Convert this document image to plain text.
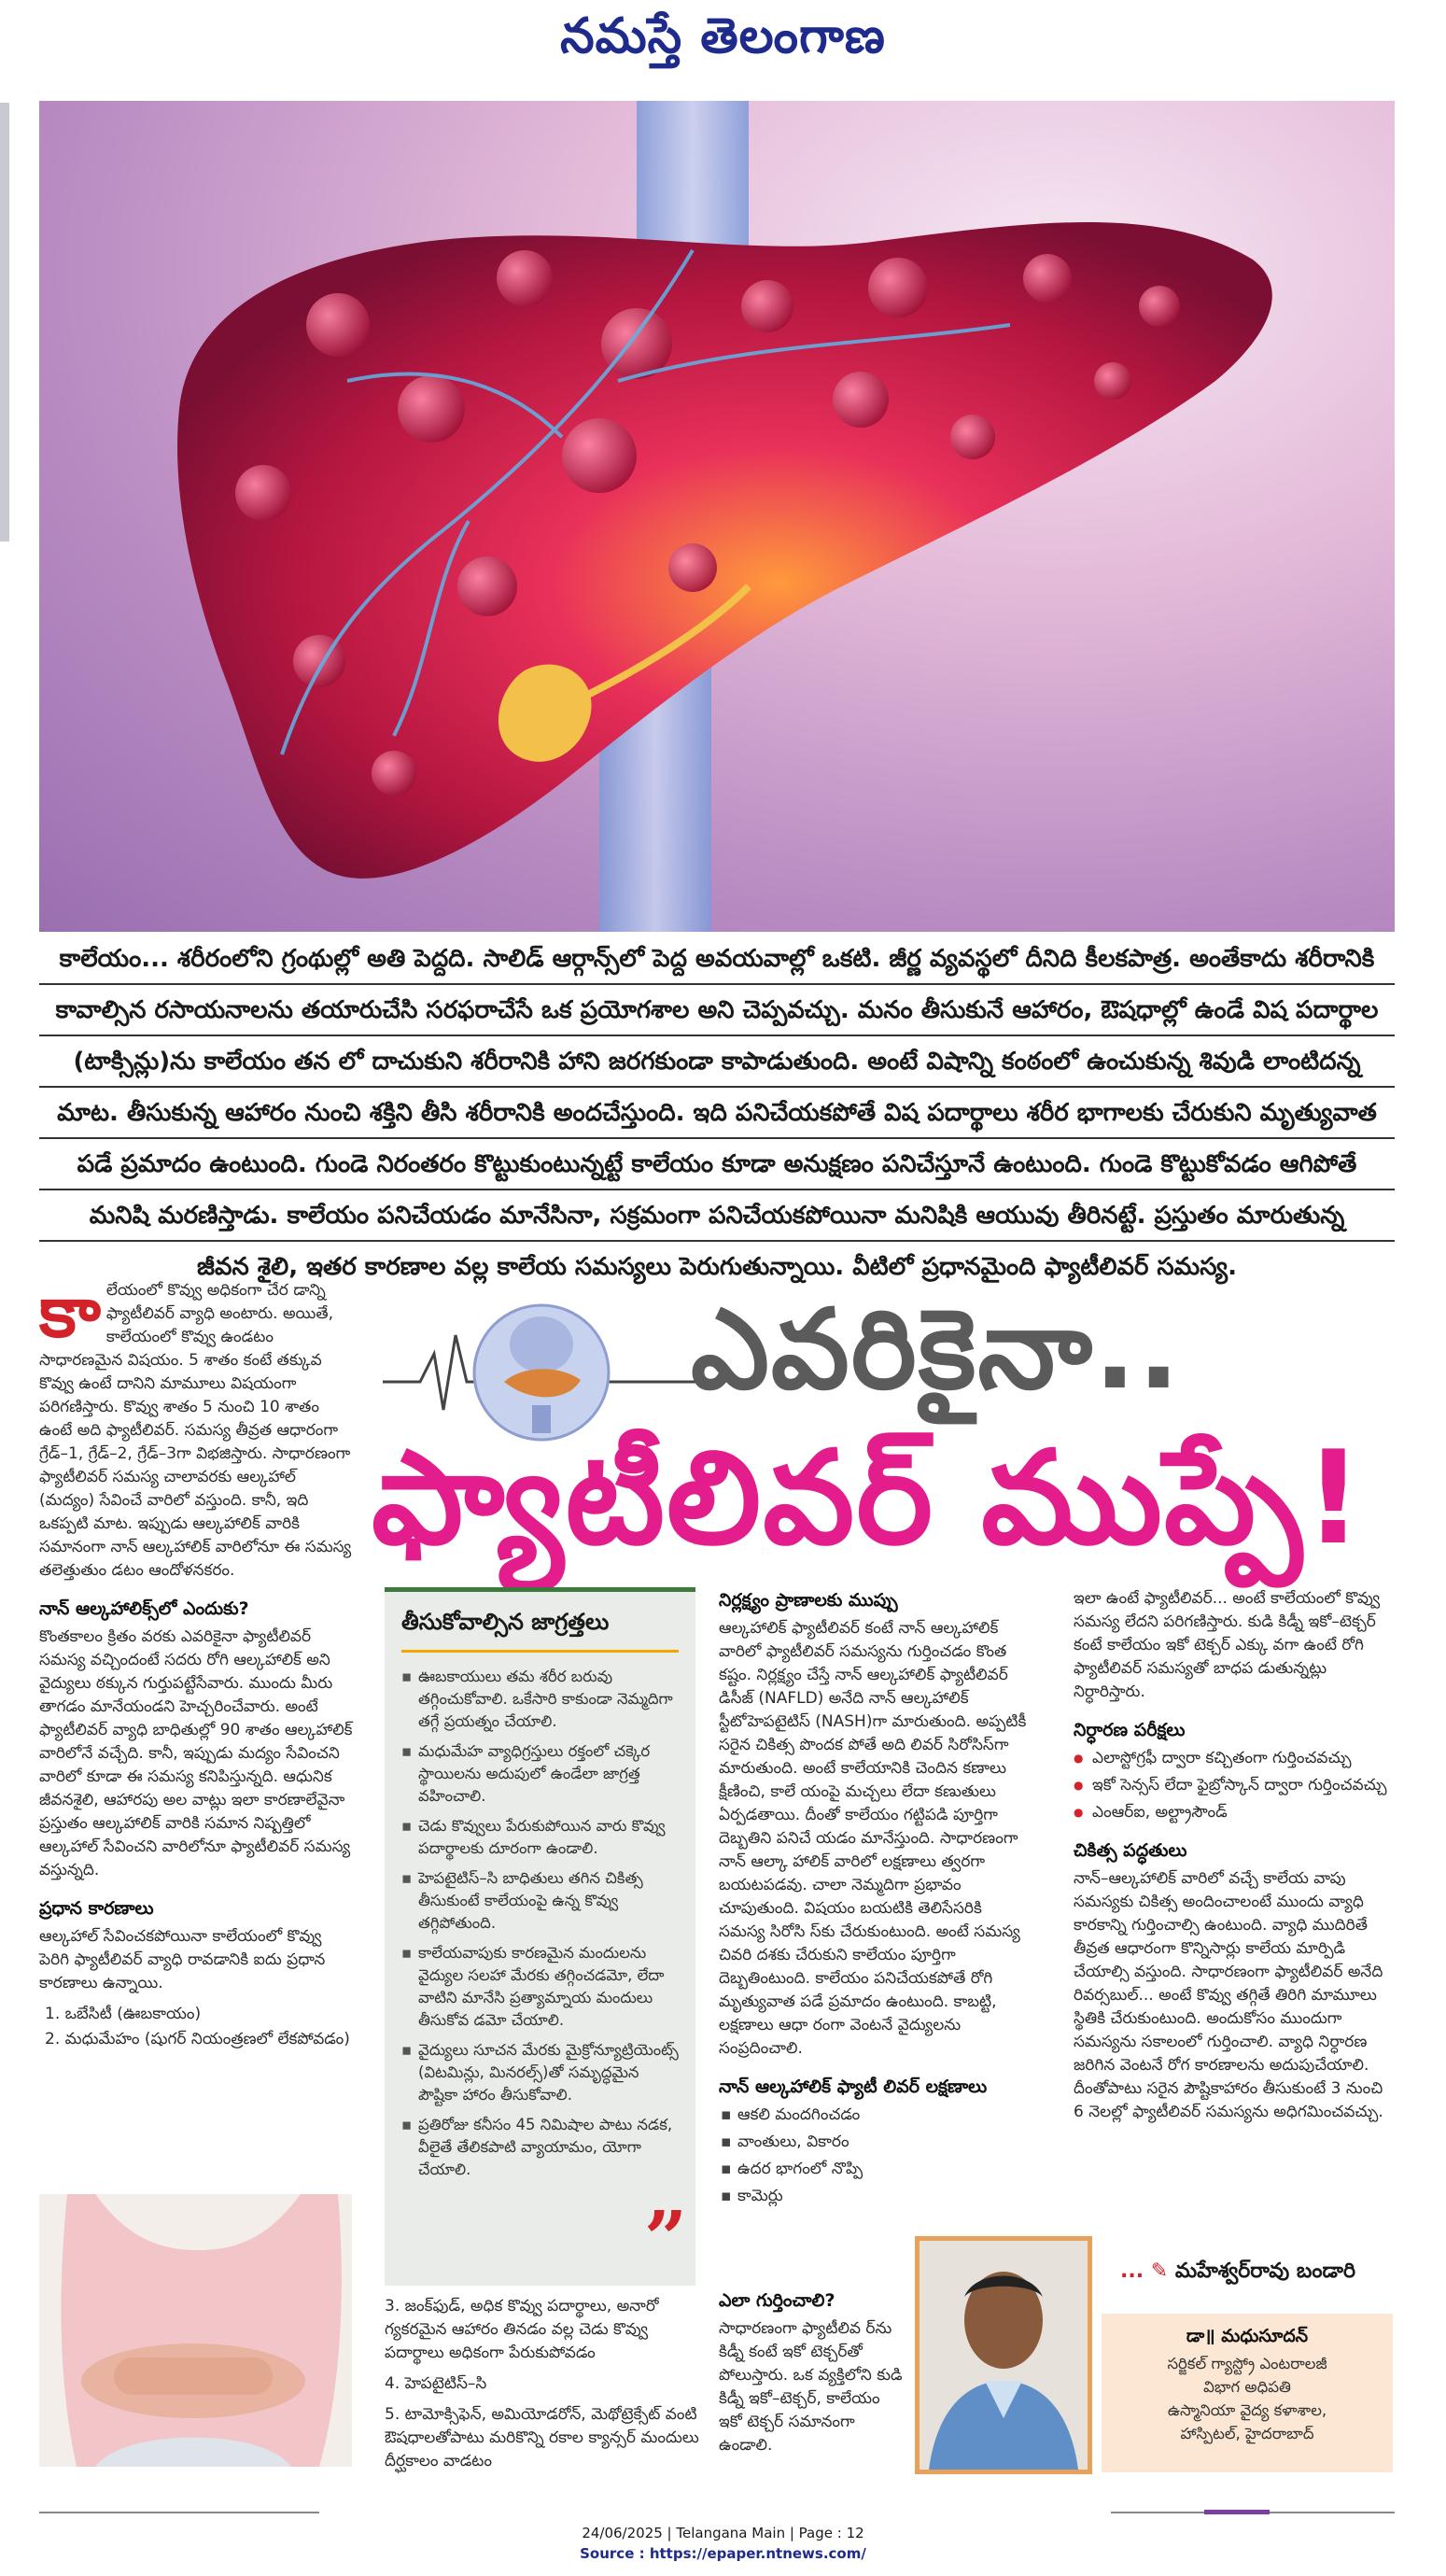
నమస్తే తెలంగాణ

కాలేయం... శరీరంలోని గ్రంథుల్లో అతి పెద్దది. సాలిడ్ ఆర్గాన్స్‌లో పెద్ద అవయవాల్లో ఒకటి. జీర్ణ వ్యవస్థలో దీనిది కీలకపాత్ర. అంతేకాదు శరీరానికి

కావాల్సిన రసాయనాలను తయారుచేసి సరఫరాచేసే ఒక ప్రయోగశాల అని చెప్పవచ్చు. మనం తీసుకునే ఆహారం, ఔషధాల్లో ఉండే విష పదార్థాల

(టాక్సిన్లు)ను కాలేయం తన లో దాచుకుని శరీరానికి హాని జరగకుండా కాపాడుతుంది. అంటే విషాన్ని కంఠంలో ఉంచుకున్న శివుడి లాంటిదన్న

మాట. తీసుకున్న ఆహారం నుంచి శక్తిని తీసి శరీరానికి అందచేస్తుంది. ఇది పనిచేయకపోతే విష పదార్థాలు శరీర భాగాలకు చేరుకుని మృత్యువాత

పడే ప్రమాదం ఉంటుంది. గుండె నిరంతరం కొట్టుకుంటున్నట్టే కాలేయం కూడా అనుక్షణం పనిచేస్తూనే ఉంటుంది. గుండె కొట్టుకోవడం ఆగిపోతే

మనిషి మరణిస్తాడు. కాలేయం పనిచేయడం మానేసినా, సక్రమంగా పనిచేయకపోయినా మనిషికి ఆయువు తీరినట్టే. ప్రస్తుతం మారుతున్న

జీవన శైలి, ఇతర కారణాల వల్ల కాలేయ సమస్యలు పెరుగుతున్నాయి. వీటిలో ప్రధానమైంది ఫ్యాటీలివర్ సమస్య.

ఎవరికైనా..
ఫ్యాటీలివర్ ముప్పే!

కా లేయంలో కొవ్వు అధికంగా చేర డాన్ని ఫ్యాటీలివర్ వ్యాధి అంటారు. అయితే, కాలేయంలో కొవ్వు ఉండటం సాధారణమైన విషయం. 5 శాతం కంటే తక్కువ కొవ్వు ఉంటే దానిని మామూలు విషయంగా పరిగణిస్తారు. కొవ్వు శాతం 5 నుంచి 10 శాతం ఉంటే అది ఫ్యాటీలివర్. సమస్య తీవ్రత ఆధారంగా గ్రేడ్–1, గ్రేడ్–2, గ్రేడ్–3గా విభజిస్తారు. సాధారణంగా ఫ్యాటీలివర్ సమస్య చాలావరకు ఆల్కహాల్ (మద్యం) సేవించే వారిలో వస్తుంది. కానీ, ఇది ఒకప్పటి మాట. ఇప్పుడు ఆల్కహాలిక్ వారికి సమానంగా నాన్ ఆల్కహాలిక్ వారిలోనూ ఈ సమస్య తలెత్తుతుం డటం ఆందోళనకరం.

నాన్ ఆల్కహాలిక్స్‌లో ఎందుకు?

కొంతకాలం క్రితం వరకు ఎవరికైనా ఫ్యాటీలివర్ సమస్య వచ్చిందంటే సదరు రోగి ఆల్కహాలిక్ అని వైద్యులు ఠక్కున గుర్తుపట్టేసేవారు. ముందు మీరు తాగడం మానేయండని హెచ్చరించేవారు. అంటే ఫ్యాటీలివర్ వ్యాధి బాధితుల్లో 90 శాతం ఆల్కహాలిక్ వారిలోనే వచ్చేది. కానీ, ఇప్పుడు మద్యం సేవించని వారిలో కూడా ఈ సమస్య కనిపిస్తున్నది. ఆధునిక జీవనశైలి, ఆహారపు అల వాట్లు ఇలా కారణాలేవైనా ప్రస్తుతం ఆల్కహాలిక్ వారికి సమాన నిష్పత్తిలో ఆల్కహాల్ సేవించని వారిలోనూ ఫ్యాటీలివర్ సమస్య వస్తున్నది.

ప్రధాన కారణాలు

ఆల్కహాల్ సేవించకపోయినా కాలేయంలో కొవ్వు పెరిగి ఫ్యాటీలివర్ వ్యాధి రావడానికి ఐదు ప్రధాన కారణాలు ఉన్నాయి.

1. ఒబేసిటీ (ఊబకాయం)
2. మధుమేహం (షుగర్ నియంత్రణలో లేకపోవడం)
తీసుకోవాల్సిన జాగ్రత్తలు
▪ ఊబకాయులు తమ శరీర బరువు తగ్గించుకోవాలి. ఒకేసారి కాకుండా నెమ్మదిగా తగ్గే ప్రయత్నం చేయాలి.
▪ మధుమేహ వ్యాధిగ్రస్తులు రక్తంలో చక్కెర స్థాయిలను అదుపులో ఉండేలా జాగ్రత్త వహించాలి.
▪ చెడు కొవ్వులు పేరుకుపోయిన వారు కొవ్వు పదార్థాలకు దూరంగా ఉండాలి.
▪ హెపటైటిస్–సి బాధితులు తగిన చికిత్స తీసుకుంటే కాలేయంపై ఉన్న కొవ్వు తగ్గిపోతుంది.
▪ కాలేయవాపుకు కారణమైన మందులను వైద్యుల సలహా మేరకు తగ్గించడమో, లేదా వాటిని మానేసి ప్రత్యామ్నాయ మందులు తీసుకోవ డమో చేయాలి.
▪ వైద్యులు సూచన మేరకు మైక్రోన్యూట్రియెంట్స్ (విటమిన్లు, మినరల్స్)తో సమృద్ధమైన పౌష్టికా హారం తీసుకోవాలి.
▪ ప్రతిరోజు కనీసం 45 నిమిషాల పాటు నడక, వీలైతే తేలికపాటి వ్యాయామం, యోగా చేయాలి.
”

3. జంక్‌ఫుడ్, అధిక కొవ్వు పదార్థాలు, అనారో గ్యకరమైన ఆహారం తినడం వల్ల చెడు కొవ్వు పదార్థాలు అధికంగా పేరుకుపోవడం

4. హెపటైటిస్–సి

5. టామోక్సిఫెన్, అమియోడరోన్, మెథోట్రెక్సేట్ వంటి ఔషధాలతోపాటు మరికొన్ని రకాల క్యాన్సర్ మందులు దీర్ఘకాలం వాడటం

నిర్లక్ష్యం ప్రాణాలకు ముప్పు

ఆల్కహాలిక్ ఫ్యాటీలివర్ కంటే నాన్ ఆల్కహాలిక్ వారిలో ఫ్యాటీలివర్ సమస్యను గుర్తించడం కొంత కష్టం. నిర్లక్ష్యం చేస్తే నాన్ ఆల్కహాలిక్ ఫ్యాటీలివర్ డిసీజ్ (NAFLD) అనేది నాన్ ఆల్కహాలిక్ స్టీటోహెపటైటిస్ (NASH)గా మారుతుంది. అప్పటికీ సరైన చికిత్స పొందక పోతే అది లివర్ సిరోసిస్‌గా మారుతుంది. అంటే కాలేయానికి చెందిన కణాలు క్షీణించి, కాలే యంపై మచ్చలు లేదా కణుతులు ఏర్పడతాయి. దీంతో కాలేయం గట్టిపడి పూర్తిగా దెబ్బతిని పనిచే యడం మానేస్తుంది. సాధారణంగా నాన్ ఆల్కా హాలిక్ వారిలో లక్షణాలు త్వరగా బయటపడవు. చాలా నెమ్మదిగా ప్రభావం చూపుతుంది. విషయం బయటికి తెలిసేసరికి సమస్య సిరోసి స్‌కు చేరుకుంటుంది. అంటే సమస్య చివరి దశకు చేరుకుని కాలేయం పూర్తిగా దెబ్బతింటుంది. కాలేయం పనిచేయకపోతే రోగి మృత్యువాత పడే ప్రమాదం ఉంటుంది. కాబట్టి, లక్షణాలు ఆధా రంగా వెంటనే వైద్యులను సంప్రదించాలి.

నాన్ ఆల్కహాలిక్ ఫ్యాటీ లివర్ లక్షణాలు
▪ ఆకలి మందగించడం
▪ వాంతులు, వికారం
▪ ఉదర భాగంలో నొప్పి
▪ కామెర్లు
ఎలా గుర్తించాలి?

సాధారణంగా ఫ్యాటీలివ ర్‌ను కిడ్నీ కంటే ఇకో టెక్చర్‌తో పోలుస్తారు. ఒక వ్యక్తిలోని కుడి కిడ్నీ ఇకో–టెక్చర్, కాలేయం ఇకో టెక్చర్ సమానంగా ఉండాలి.

ఇలా ఉంటే ఫ్యాటీలివర్... అంటే కాలేయంలో కొవ్వు సమస్య లేదని పరిగణిస్తారు. కుడి కిడ్నీ ఇకో–టెక్చర్ కంటే కాలేయం ఇకో టెక్చర్ ఎక్కు వగా ఉంటే రోగి ఫ్యాటీలివర్ సమస్యతో బాధప డుతున్నట్లు నిర్ధారిస్తారు.

నిర్ధారణ పరీక్షలు
● ఎలాస్టోగ్రఫీ ద్వారా కచ్చితంగా గుర్తించవచ్చు
● ఇకో సెన్సస్ లేదా ఫైబ్రోస్కాన్ ద్వారా గుర్తించవచ్చు
● ఎంఆర్ఐ, అల్ట్రాసౌండ్
చికిత్స పద్ధతులు

నాన్–ఆల్కహాలిక్ వారిలో వచ్చే కాలేయ వాపు సమస్యకు చికిత్స అందించాలంటే ముందు వ్యాధి కారకాన్ని గుర్తించాల్సి ఉంటుంది. వ్యాధి ముదిరితే తీవ్రత ఆధారంగా కొన్నిసార్లు కాలేయ మార్పిడి చేయాల్సి వస్తుంది. సాధారణంగా ఫ్యాటీలివర్ అనేది రివర్సబుల్... అంటే కొవ్వు తగ్గితే తిరిగి మామూలు స్థితికి చేరుకుంటుంది. అందుకోసం ముందుగా సమస్యను సకాలంలో గుర్తించాలి. వ్యాధి నిర్ధారణ జరిగిన వెంటనే రోగ కారణాలను అదుపుచేయాలి. దీంతోపాటు సరైన పౌష్టికాహారం తీసుకుంటే 3 నుంచి 6 నెలల్లో ఫ్యాటీలివర్ సమస్యను అధిగమించవచ్చు.

... ✎ మహేశ్వర్‌రావు బండారి
డా॥ మధుసూదన్
సర్జికల్ గ్యాస్ట్రో ఎంటరాలజీ
విభాగ అధిపతి
ఉస్మానియా వైద్య కళాశాల,
హాస్పిటల్, హైదరాబాద్
24/06/2025 | Telangana Main | Page : 12
Source : https://epaper.ntnews.com/
